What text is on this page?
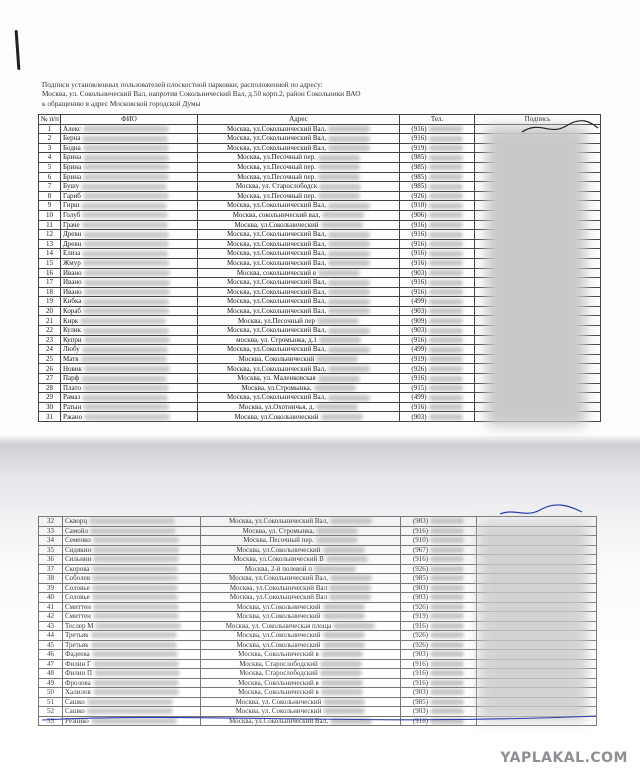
Подписи установленных пользователей плоскостной парковки, расположенной по адресу:
Москва, ул. Сокольнический Вал, напротив Сокольнический Вал, д.50 корп.2, район Сокольники ВАО
к обращению в адрес Московской городской Думы
№ п/п	ФИО	Адрес	Тел.	Подпись
1	Алекс	Москва, ул.Сокольнический Вал,	(916)	
2	Берна	Москва, ул.Сокольнический Вал,	(916)	
3	Бодна	Москва, ул.Сокольнический Вал,	(919)	
4	Брина	Москва, ул.Песочный пер.	(985)	
5	Брина	Москва, ул.Песочный пер.	(985)	
6	Брина	Москва, ул.Песочный пер.	(985)	
7	Бушу	Москва, ул. Старослободск	(985)	
8	Гариб	Москва, ул.Песочный пер.	(926)	
9	Гирш	Москва, ул.Сокольнический Вал,	(910)	
10	Голуб	Москва, сокольнический вал,	(906)	
11	Граче	Москва, ул.Сокольнический	(916)	
12	Древн	Москва, ул.Сокольнический Вал,	(916)	
13	Древн	Москва, ул.Сокольнический Вал,	(916)	
14	Елиза	Москва, ул.Сокольнический Вал,	(916)	
15	Жмур	Москва, ул.Сокольнический Вал,	(916)	
16	Ивано	Москва, сокольнический в	(903)	
17	Ивано	Москва, ул.Сокольнический Вал,	(916)	
18	Ивано	Москва, ул.Сокольнический Вал,	(916)	
19	Кибка	Москва, ул.Сокольнический Вал,	(499)	
20	Кораб	Москва, ул.Сокольнический Вал,	(903)	
21	Кирк	Москва, ул.Песочный пер	(909)	
22	Кулик	Москва, ул.Сокольнический Вал,	(903)	
23	Купри	москва, ул. Стромынка, д.1	(916)	
24	Любу	Москва, ул.Сокольнический Вал,	(499)	
25	Матв	Москва, Сокольнический	(919)	
26	Новик	Москва, ул.Сокольнический Вал,	(926)	
27	Парф	Москва, ул. Маленковская	(916)	
28	Плато	Москва, ул.Стромынка,	(915)	
29	Рамаз	Москва, ул.Сокольнический Вал,	(499)	
30	Ратын	Москва, ул.Охотничья, д.	(916)	
31	Ржано	Москва, ул.Сокольнический	(903)	
32	Скворц	Москва, ул.Сокольнический Вал,	(903)	
33	Самойл	Москва, ул. Стромынка,	(916)	
34	Семенко	Москва, Песочный пер.	(910)	
35	Сидякин	Москва, ул.Сокольнический	(967)	
36	Сильнин	Москва, ул.Сокольнический В	(916)	
37	Скорова	Москва, 2-й полевой п	(926)	
38	Соболев	Москва, ул.Сокольнический Вал,	(985)	
39	Соловье	Москва, ул.Сокольнический Вал	(903)	
40	Соловье	Москва, ул.Сокольнический Вал	(903)	
41	Смиттен	Москва, ул.Сокольнический	(926)	
42	Смиттен	Москва, ул.Сокольнический	(919)	
43	Теслер М	Москва, ул. Сокольническая площа	(916)	
44	Третьяк	Москва, ул.Сокольнический	(926)	
45	Третьяк	Москва, ул.Сокольнический	(926)	
46	Фадеева	Москва, Сокольнический в	(903)	
47	Филин Г	Москва, Старослободский	(916)	
48	Филин П	Москва, Старослободский	(916)	
49	Фролова	Москва, Сокольнический в	(916)	
50	Халилов	Москва, Сокольнический в	(903)	
51	Сашко	Москва, ул. Сокольнический	(985)	
52	Сашко	Москва, ул. Сокольнический	(903)	
53	Резнико	Москва, ул.Сокольнический Вал,	(916)	
YAPLAKAL.COM
